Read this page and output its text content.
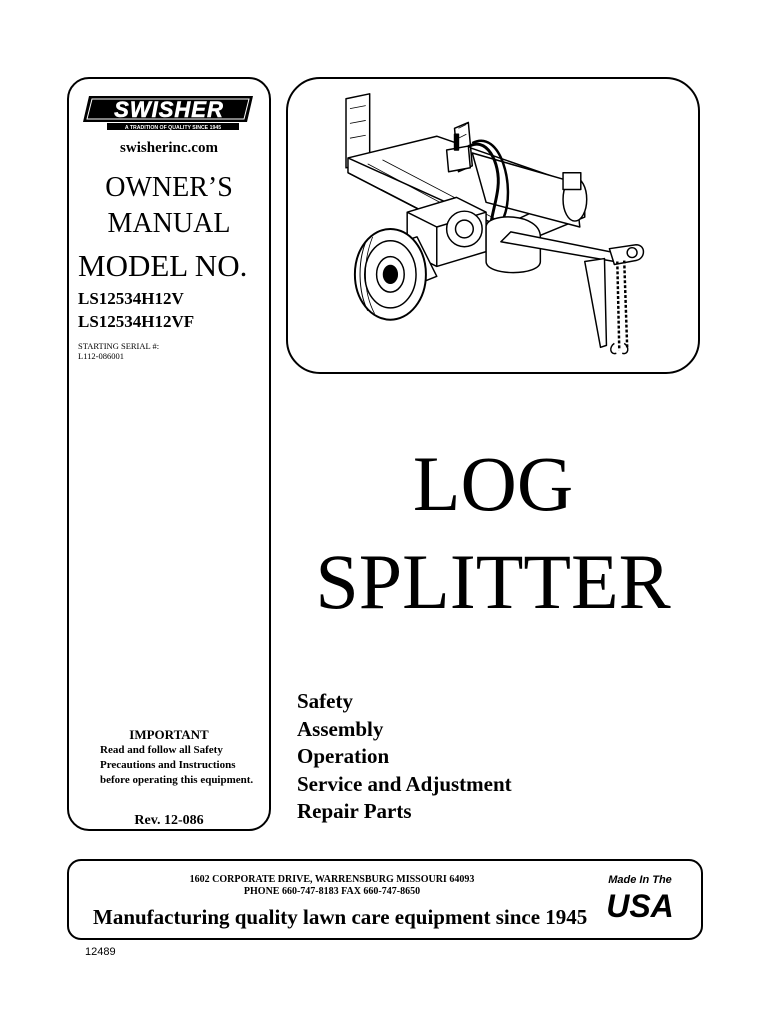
SWISHER
A TRADITION OF QUALITY SINCE 1945
swisherinc.com
OWNER’S
MANUAL
MODEL NO.
LS12534H12V
LS12534H12VF
STARTING SERIAL #:
L112-086001
IMPORTANT
Read and follow all Safety Precautions and Instructions before operating this equipment.
Rev. 12-086
LOG
SPLITTER
Safety
Assembly
Operation
Service and Adjustment
Repair Parts
1602 CORPORATE DRIVE, WARRENSBURG MISSOURI 64093
PHONE 660-747-8183 FAX 660-747-8650
Manufacturing quality lawn care equipment since 1945
Made In The
USA
12489
